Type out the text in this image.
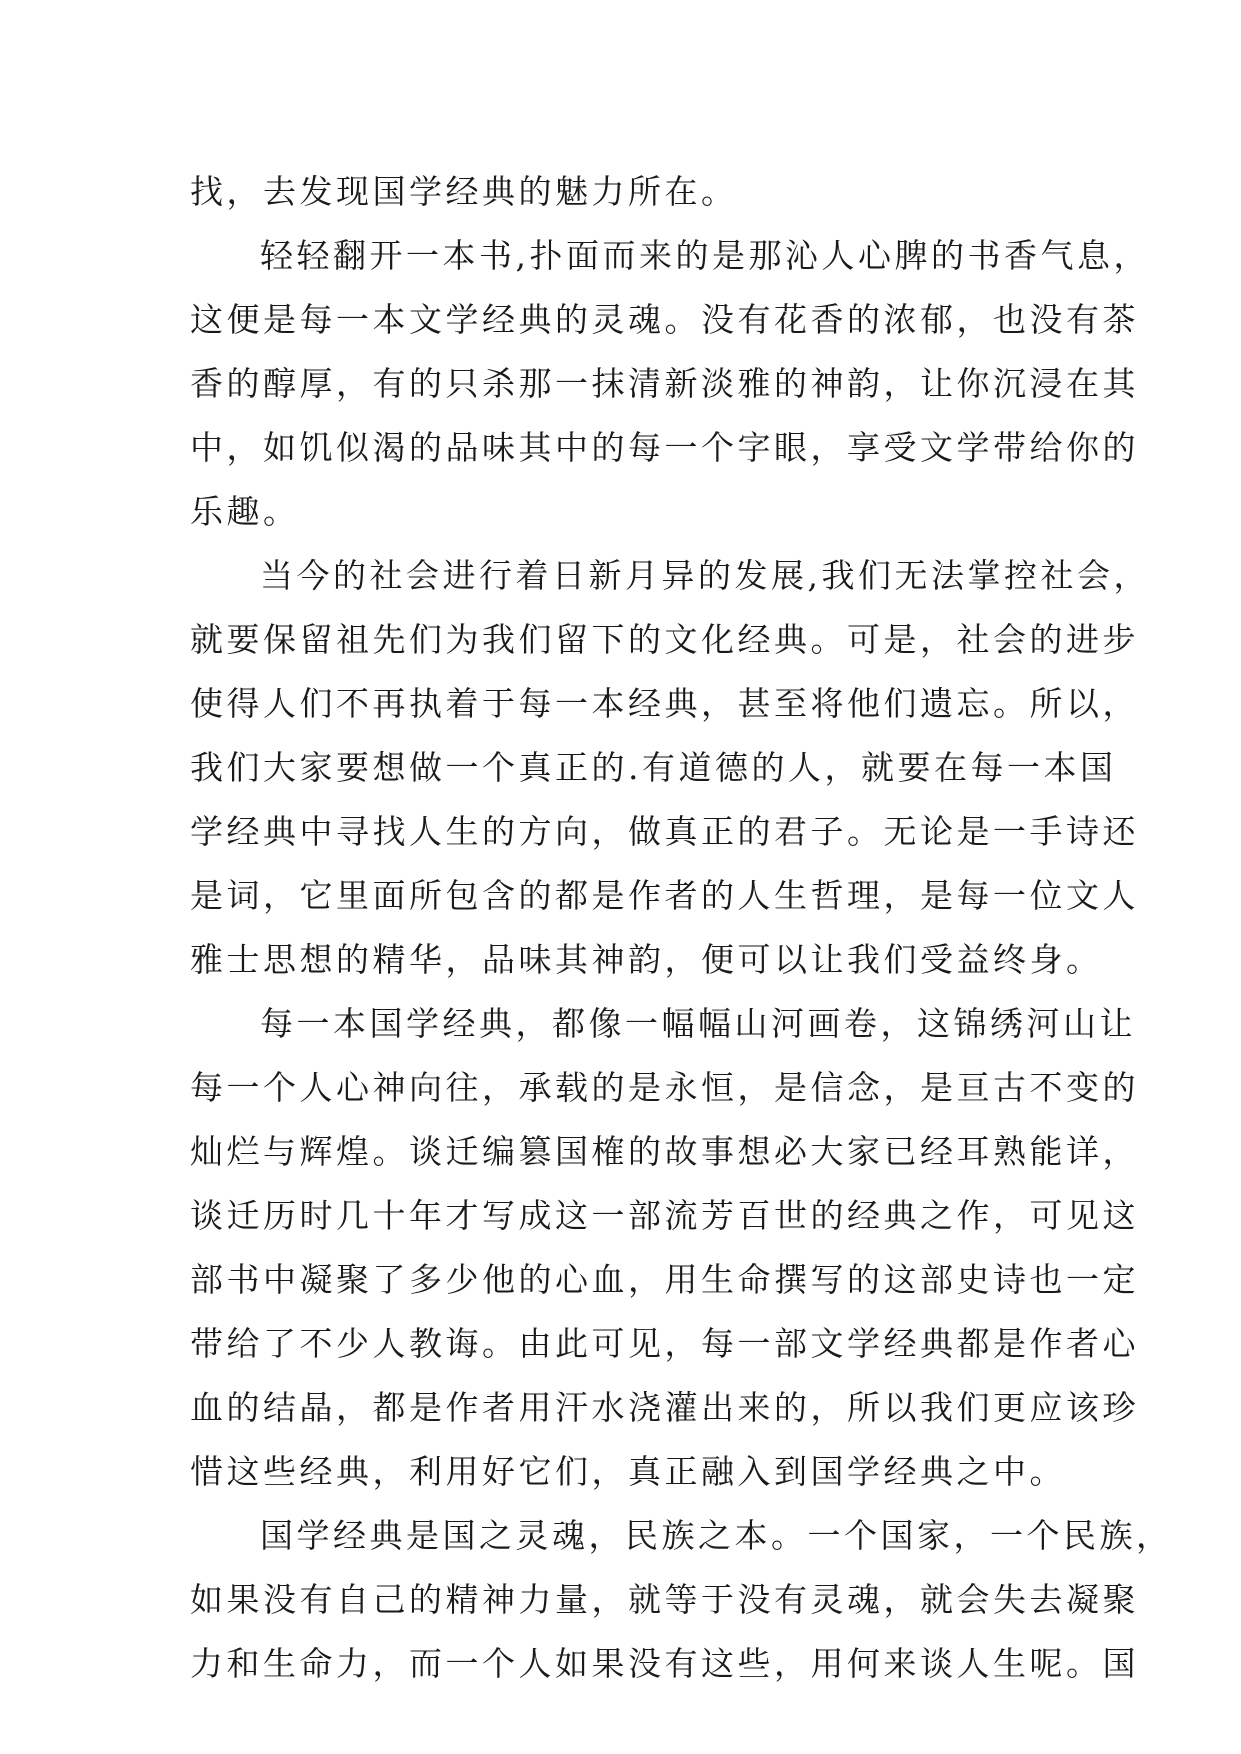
找，去发现国学经典的魅力所在。
轻轻翻开一本书,扑面而来的是那沁人心脾的书香气息，
这便是每一本文学经典的灵魂。没有花香的浓郁，也没有茶
香的醇厚，有的只杀那一抹清新淡雅的神韵，让你沉浸在其
中，如饥似渴的品味其中的每一个字眼，享受文学带给你的
乐趣。
当今的社会进行着日新月异的发展,我们无法掌控社会，
就要保留祖先们为我们留下的文化经典。可是，社会的进步
使得人们不再执着于每一本经典，甚至将他们遗忘。所以，
我们大家要想做一个真正的.有道德的人，就要在每一本国
学经典中寻找人生的方向，做真正的君子。无论是一手诗还
是词，它里面所包含的都是作者的人生哲理，是每一位文人
雅士思想的精华，品味其神韵，便可以让我们受益终身。
每一本国学经典，都像一幅幅山河画卷，这锦绣河山让
每一个人心神向往，承载的是永恒，是信念，是亘古不变的
灿烂与辉煌。谈迁编篡国榷的故事想必大家已经耳熟能详，
谈迁历时几十年才写成这一部流芳百世的经典之作，可见这
部书中凝聚了多少他的心血，用生命撰写的这部史诗也一定
带给了不少人教诲。由此可见，每一部文学经典都是作者心
血的结晶，都是作者用汗水浇灌出来的，所以我们更应该珍
惜这些经典，利用好它们，真正融入到国学经典之中。
国学经典是国之灵魂，民族之本。一个国家，一个民族，
如果没有自己的精神力量，就等于没有灵魂，就会失去凝聚
力和生命力，而一个人如果没有这些，用何来谈人生呢。国
